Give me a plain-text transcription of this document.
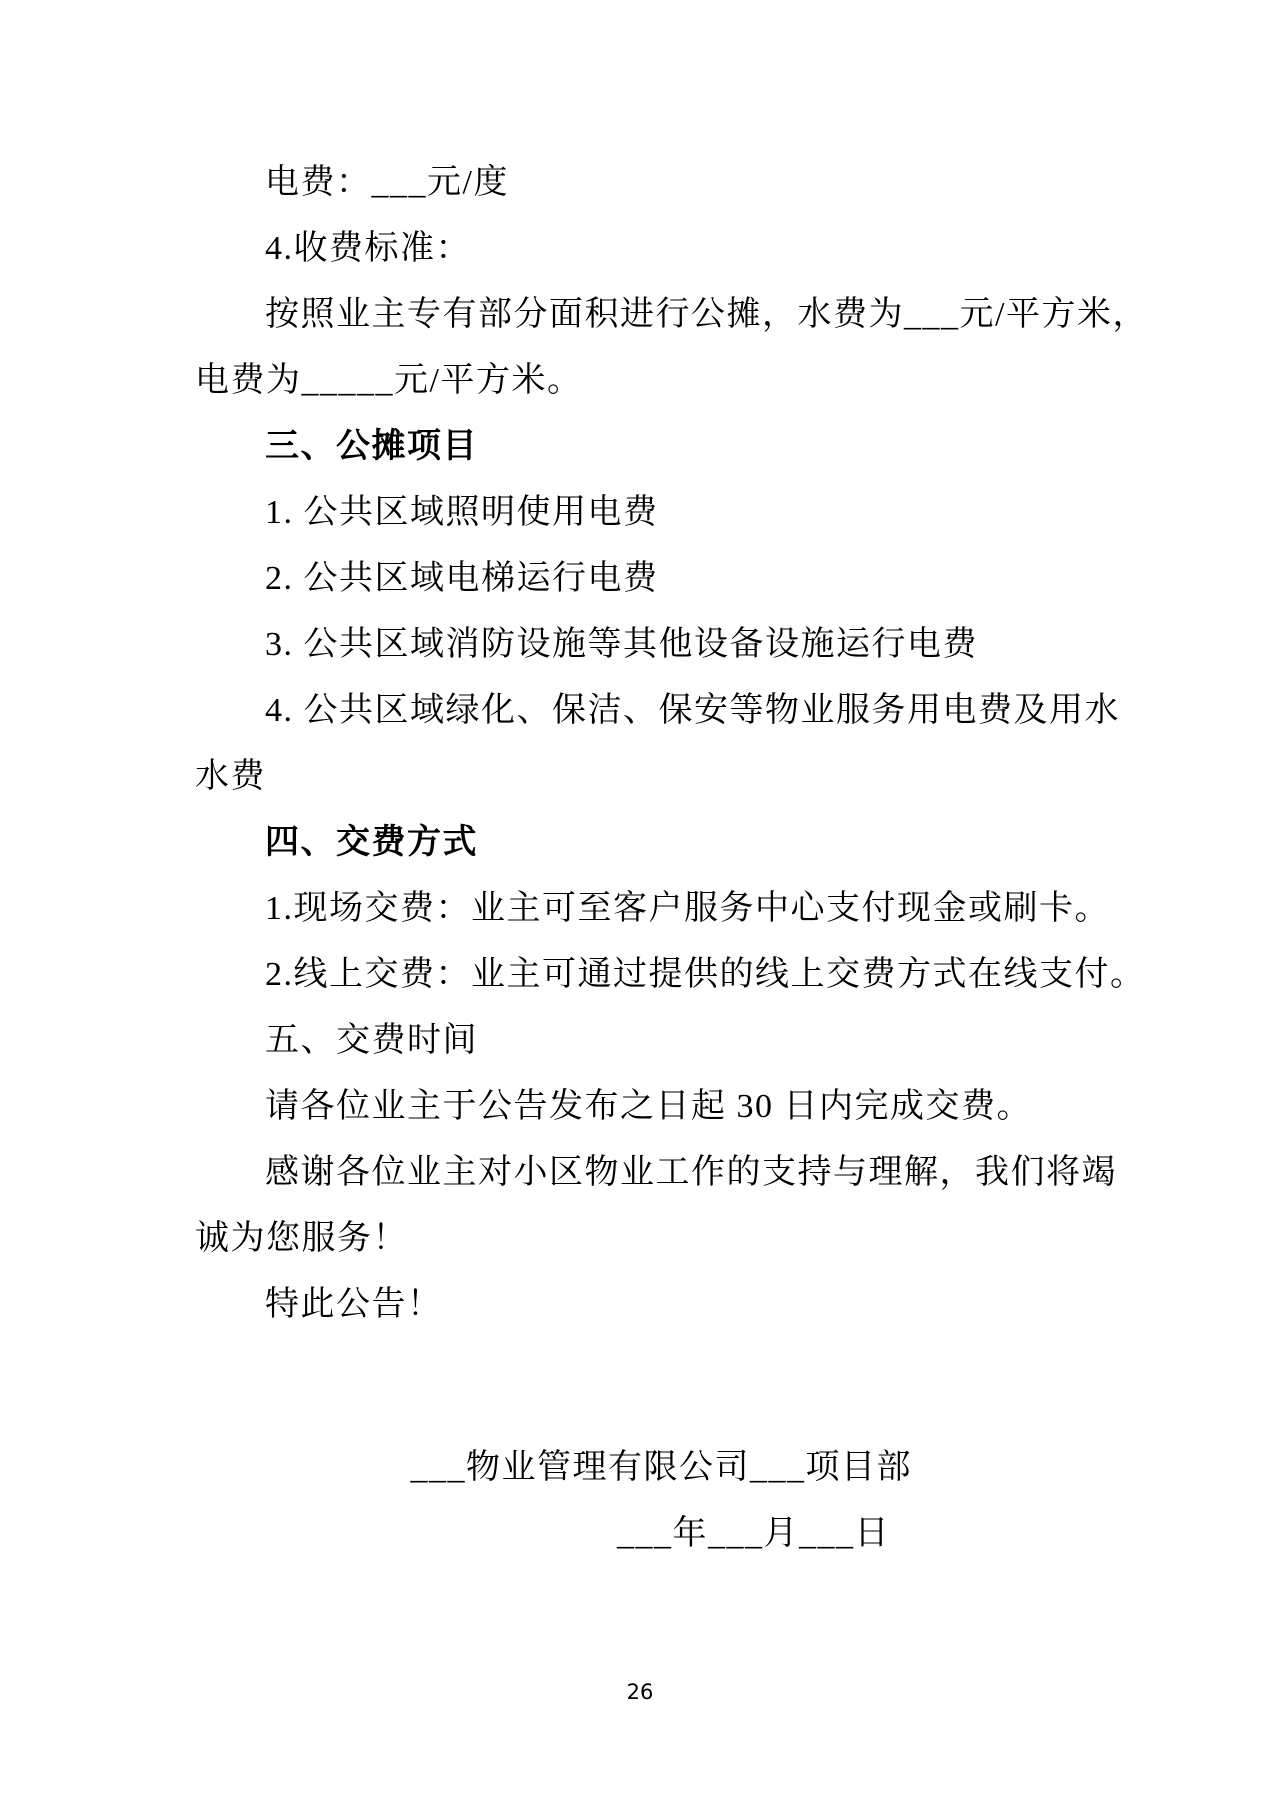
电费：___元/度
4.收费标准：
按照业主专有部分面积进行公摊，水费为___元/平方米，
电费为_____元/平方米。
三、公摊项目
1. 公共区域照明使用电费
2. 公共区域电梯运行电费
3. 公共区域消防设施等其他设备设施运行电费
4. 公共区域绿化、保洁、保安等物业服务用电费及用水
水费
四、交费方式
1.现场交费：业主可至客户服务中心支付现金或刷卡。
2.线上交费：业主可通过提供的线上交费方式在线支付。
五、交费时间
请各位业主于公告发布之日起 30 日内完成交费。
感谢各位业主对小区物业工作的支持与理解，我们将竭
诚为您服务！
特此公告！
___物业管理有限公司___项目部
___年___月___日
26
